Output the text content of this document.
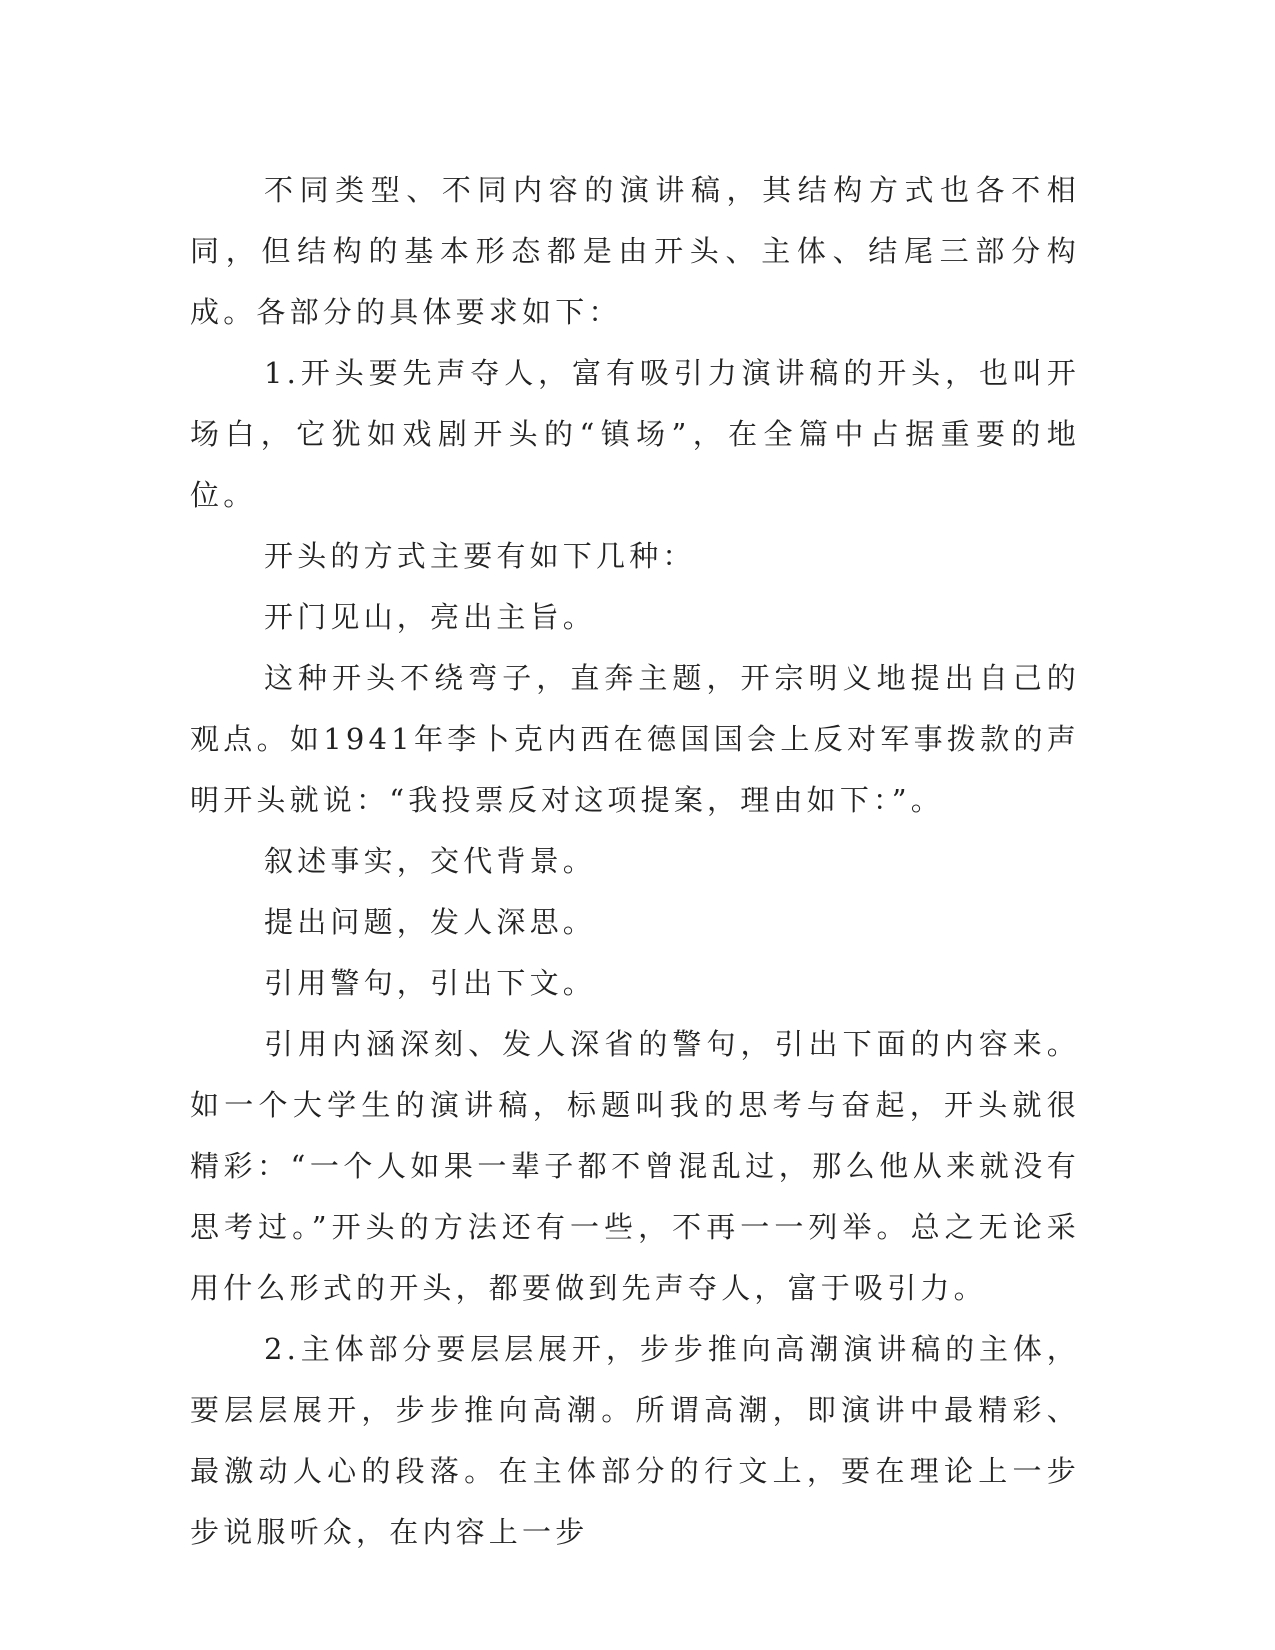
不同类型、不同内容的演讲稿，其结构方式也各不相同，但结构的基本形态都是由开头、主体、结尾三部分构成。各部分的具体要求如下：

1.开头要先声夺人，富有吸引力演讲稿的开头，也叫开场白，它犹如戏剧开头的“镇场”，在全篇中占据重要的地位。

开头的方式主要有如下几种：

开门见山，亮出主旨。

这种开头不绕弯子，直奔主题，开宗明义地提出自己的观点。如1941年李卜克内西在德国国会上反对军事拨款的声明开头就说：“我投票反对这项提案，理由如下：”。

叙述事实，交代背景。

提出问题，发人深思。

引用警句，引出下文。

引用内涵深刻、发人深省的警句，引出下面的内容来。如一个大学生的演讲稿，标题叫我的思考与奋起，开头就很精彩：“一个人如果一辈子都不曾混乱过，那么他从来就没有思考过。”开头的方法还有一些，不再一一列举。总之无论采用什么形式的开头，都要做到先声夺人，富于吸引力。

2.主体部分要层层展开，步步推向高潮演讲稿的主体，要层层展开，步步推向高潮。所谓高潮，即演讲中最精彩、最激动人心的段落。在主体部分的行文上，要在理论上一步步说服听众，在内容上一步
